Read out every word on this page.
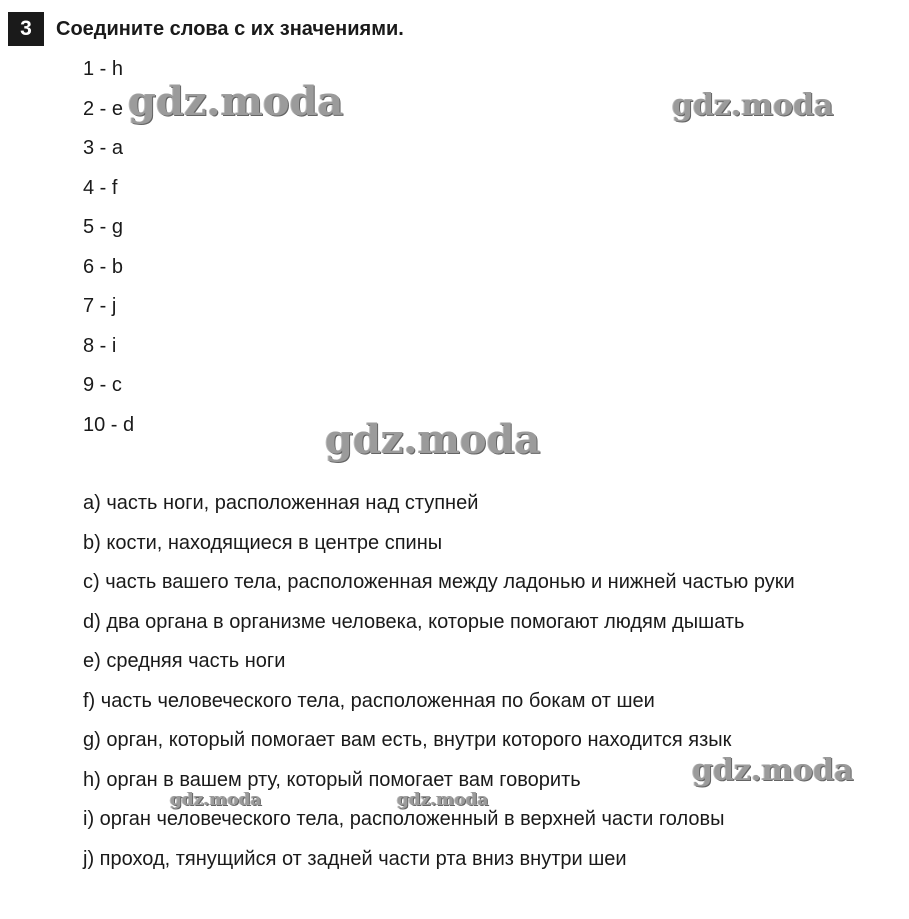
3	Соедините слова с их значениями.
1 - h
2 - e
3 - a
4 - f
5 - g
6 - b
7 - j
8 - i
9 - c
10 - d
a) часть ноги, расположенная над ступней
b) кости, находящиеся в центре спины
c) часть вашего тела, расположенная между ладонью и нижней частью руки
d) два органа в организме человека, которые помогают людям дышать
e) средняя часть ноги
f) часть человеческого тела, расположенная по бокам от шеи
g) орган, который помогает вам есть, внутри которого находится язык
h) орган в вашем рту, который помогает вам говорить
i) орган человеческого тела, расположенный в верхней части головы
j) проход, тянущийся от задней части рта вниз внутри шеи
gdz.moda	gdz.moda
gdz.moda
gdz.moda
gdz.moda	gdz.moda
